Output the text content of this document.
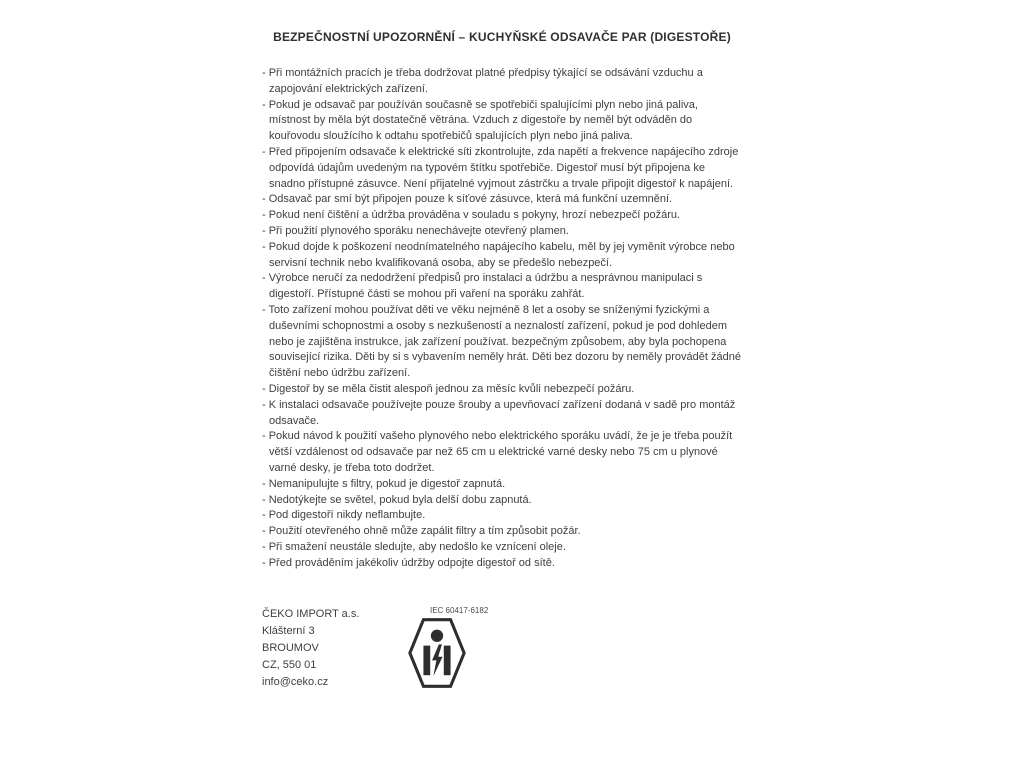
BEZPEČNOSTNÍ UPOZORNĚNÍ – KUCHYŇSKÉ ODSAVAČE PAR (DIGESTOŘE)
- Při montážních pracích je třeba dodržovat platné předpisy týkající se odsávání vzduchu a zapojování elektrických zařízení.
- Pokud je odsavač par používán současně se spotřebiči spalujícími plyn nebo jiná paliva, místnost by měla být dostatečně větrána. Vzduch z digestoře by neměl být odváděn do kouřovodu sloužícího k odtahu spotřebičů spalujících plyn nebo jiná paliva.
- Před připojením odsavače k elektrické síti zkontrolujte, zda napětí a frekvence napájecího zdroje odpovídá údajům uvedeným na typovém štítku spotřebiče. Digestoř musí být připojena ke snadno přístupné zásuvce. Není přijatelné vyjmout zástrčku a trvale připojit digestoř k napájení.
- Odsavač par smí být připojen pouze k síťové zásuvce, která má funkční uzemnění.
- Pokud není čištění a údržba prováděna v souladu s pokyny, hrozí nebezpečí požáru.
- Při použití plynového sporáku nenechávejte otevřený plamen.
- Pokud dojde k poškození neodnímatelného napájecího kabelu, měl by jej vyměnit výrobce nebo servisní technik nebo kvalifikovaná osoba, aby se předešlo nebezpečí.
- Výrobce neručí za nedodržení předpisů pro instalaci a údržbu a nesprávnou manipulaci s digestoří. Přístupné části se mohou při vaření na sporáku zahřát.
- Toto zařízení mohou používat děti ve věku nejméně 8 let a osoby se sníženými fyzickými a duševními schopnostmi a osoby s nezkušeností a neznalostí zařízení, pokud je pod dohledem nebo je zajištěna instrukce, jak zařízení používat. bezpečným způsobem, aby byla pochopena související rizika. Děti by si s vybavením neměly hrát. Děti bez dozoru by neměly provádět žádné čištění nebo údržbu zařízení.
- Digestoř by se měla čistit alespoň jednou za měsíc kvůli nebezpečí požáru.
- K instalaci odsavače používejte pouze šrouby a upevňovací zařízení dodaná v sadě pro montáž odsavače.
- Pokud návod k použití vašeho plynového nebo elektrického sporáku uvádí, že je je třeba použít větší vzdálenost od odsavače par než 65 cm u elektrické varné desky nebo 75 cm u plynové varné desky, je třeba toto dodržet.
- Nemanipulujte s filtry, pokud je digestoř zapnutá.
- Nedotýkejte se světel, pokud byla delší dobu zapnutá.
- Pod digestoří nikdy neflambujte.
- Použití otevřeného ohně může zapálit filtry a tím způsobit požár.
- Při smažení neustále sledujte, aby nedošlo ke vznícení oleje.
- Před prováděním jakékoliv údržby odpojte digestoř od sítě.
ČEKO IMPORT a.s.
Klášterní 3
BROUMOV
CZ, 550 01
info@ceko.cz
IEC 60417-6182
